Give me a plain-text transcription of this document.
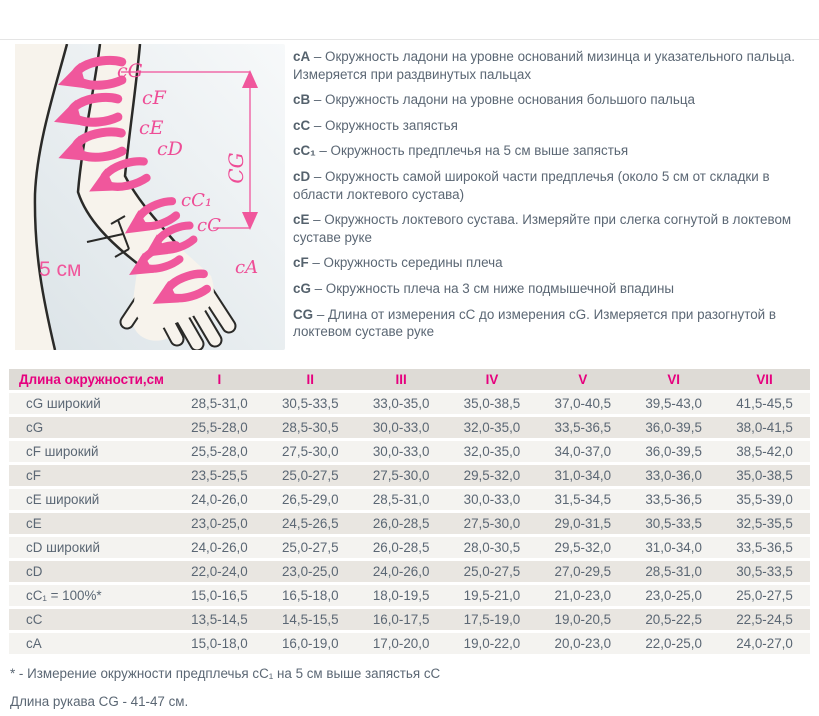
cG
cF
cE
cD
cC₁
cC
cA
CG
5 см

cA – Окружность ладони на уровне оснований мизинца и указательного пальца. Измеряется при раздвинутых пальцах

cB – Окружность ладони на уровне основания большого пальца

cC – Окружность запястья

cC₁ – Окружность предплечья на 5 см выше запястья

cD – Окружность самой широкой части предплечья (около 5 см от складки в области локтевого сустава)

cE – Окружность локтевого сустава. Измеряйте при слегка согнутой в локтевом суставе руке

cF – Окружность середины плеча

cG – Окружность плеча на 3 см ниже подмышечной впадины

CG – Длина от измерения cC до измерения cG. Измеряется при разогнутой в локтевом суставе руке

Длина окружности,см	I	II	III	IV	V	VI	VII
cG широкий	28,5-31,0	30,5-33,5	33,0-35,0	35,0-38,5	37,0-40,5	39,5-43,0	41,5-45,5
cG	25,5-28,0	28,5-30,5	30,0-33,0	32,0-35,0	33,5-36,5	36,0-39,5	38,0-41,5
cF широкий	25,5-28,0	27,5-30,0	30,0-33,0	32,0-35,0	34,0-37,0	36,0-39,5	38,5-42,0
cF	23,5-25,5	25,0-27,5	27,5-30,0	29,5-32,0	31,0-34,0	33,0-36,0	35,0-38,5
cE широкий	24,0-26,0	26,5-29,0	28,5-31,0	30,0-33,0	31,5-34,5	33,5-36,5	35,5-39,0
cE	23,0-25,0	24,5-26,5	26,0-28,5	27,5-30,0	29,0-31,5	30,5-33,5	32,5-35,5
cD широкий	24,0-26,0	25,0-27,5	26,0-28,5	28,0-30,5	29,5-32,0	31,0-34,0	33,5-36,5
cD	22,0-24,0	23,0-25,0	24,0-26,0	25,0-27,5	27,0-29,5	28,5-31,0	30,5-33,5
cC₁ = 100%*	15,0-16,5	16,5-18,0	18,0-19,5	19,5-21,0	21,0-23,0	23,0-25,0	25,0-27,5
cC	13,5-14,5	14,5-15,5	16,0-17,5	17,5-19,0	19,0-20,5	20,5-22,5	22,5-24,5
cA	15,0-18,0	16,0-19,0	17,0-20,0	19,0-22,0	20,0-23,0	22,0-25,0	24,0-27,0

* - Измерение окружности предплечья cC₁ на 5 см выше запястья cC

Длина рукава CG - 41-47 см.
